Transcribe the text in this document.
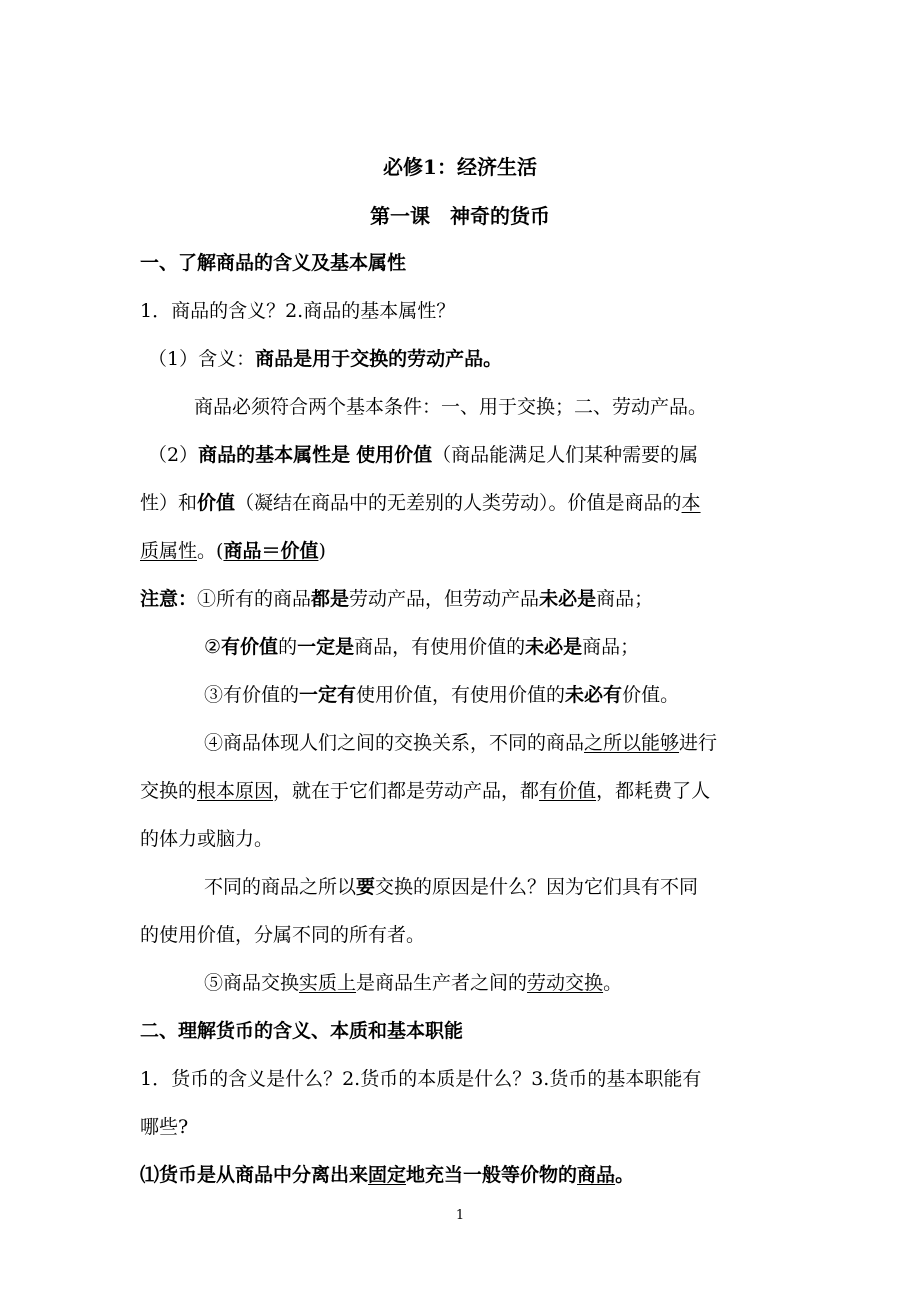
必修1：经济生活
第一课　神奇的货币
一、了解商品的含义及基本属性
1．商品的含义？2.商品的基本属性？
（1）含义：商品是用于交换的劳动产品。
商品必须符合两个基本条件：一、用于交换；二、劳动产品。
（2）商品的基本属性是 使用价值（商品能满足人们某种需要的属
性）和价值（凝结在商品中的无差别的人类劳动）。价值是商品的本
质属性。(商品＝价值)
注意：①所有的商品都是劳动产品，但劳动产品未必是商品；
②有价值的一定是商品，有使用价值的未必是商品；
③有价值的一定有使用价值，有使用价值的未必有价值。
④商品体现人们之间的交换关系，不同的商品之所以能够进行
交换的根本原因，就在于它们都是劳动产品，都有价值，都耗费了人
的体力或脑力。
不同的商品之所以要交换的原因是什么？因为它们具有不同
的使用价值，分属不同的所有者。
⑤商品交换实质上是商品生产者之间的劳动交换。
二、理解货币的含义、本质和基本职能
1．货币的含义是什么？2.货币的本质是什么？3.货币的基本职能有
哪些?
⑴货币是从商品中分离出来固定地充当一般等价物的商品。
1
